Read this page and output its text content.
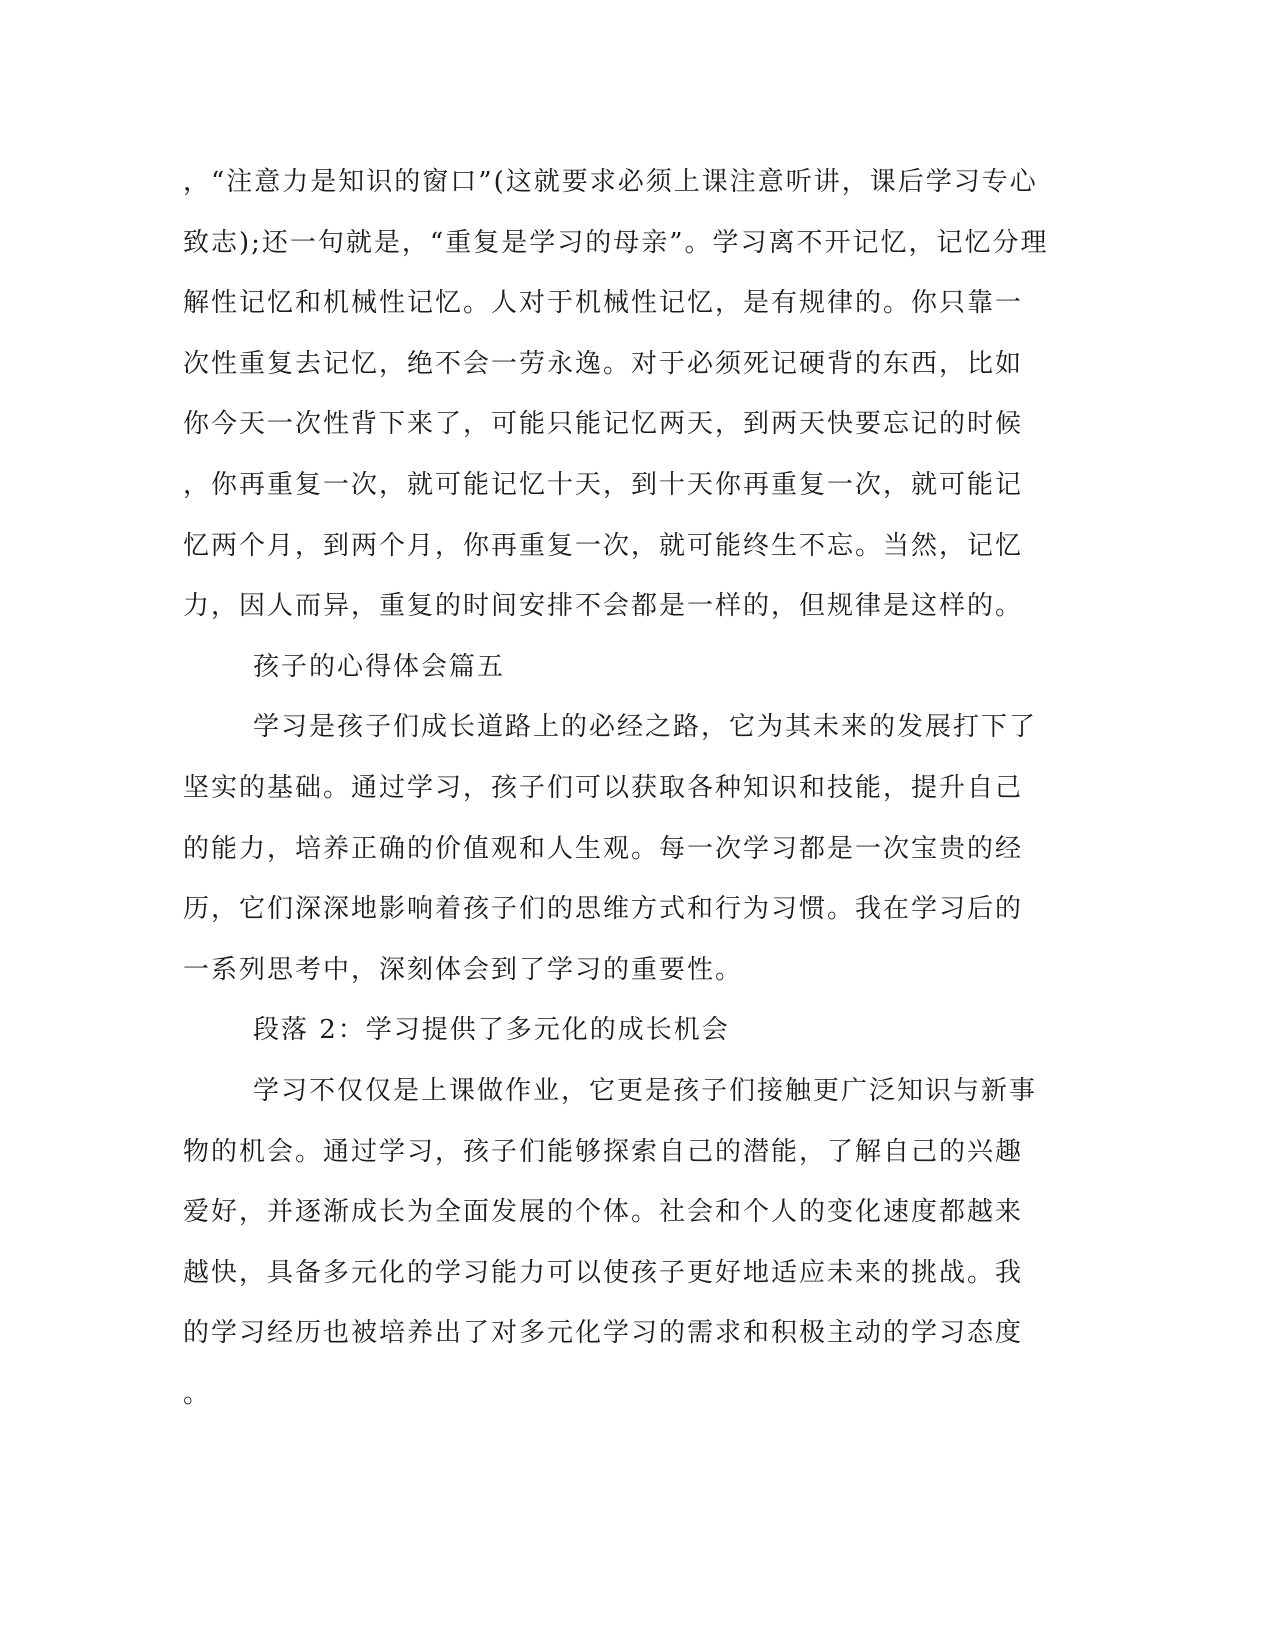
，“注意力是知识的窗口”(这就要求必须上课注意听讲，课后学习专心
致志);还一句就是，“重复是学习的母亲”。学习离不开记忆，记忆分理
解性记忆和机械性记忆。人对于机械性记忆，是有规律的。你只靠一
次性重复去记忆，绝不会一劳永逸。对于必须死记硬背的东西，比如
你今天一次性背下来了，可能只能记忆两天，到两天快要忘记的时候
，你再重复一次，就可能记忆十天，到十天你再重复一次，就可能记
忆两个月，到两个月，你再重复一次，就可能终生不忘。当然，记忆
力，因人而异，重复的时间安排不会都是一样的，但规律是这样的。
孩子的心得体会篇五
学习是孩子们成长道路上的必经之路，它为其未来的发展打下了
坚实的基础。通过学习，孩子们可以获取各种知识和技能，提升自己
的能力，培养正确的价值观和人生观。每一次学习都是一次宝贵的经
历，它们深深地影响着孩子们的思维方式和行为习惯。我在学习后的
一系列思考中，深刻体会到了学习的重要性。
段落 2：学习提供了多元化的成长机会
学习不仅仅是上课做作业，它更是孩子们接触更广泛知识与新事
物的机会。通过学习，孩子们能够探索自己的潜能，了解自己的兴趣
爱好，并逐渐成长为全面发展的个体。社会和个人的变化速度都越来
越快，具备多元化的学习能力可以使孩子更好地适应未来的挑战。我
的学习经历也被培养出了对多元化学习的需求和积极主动的学习态度
。
